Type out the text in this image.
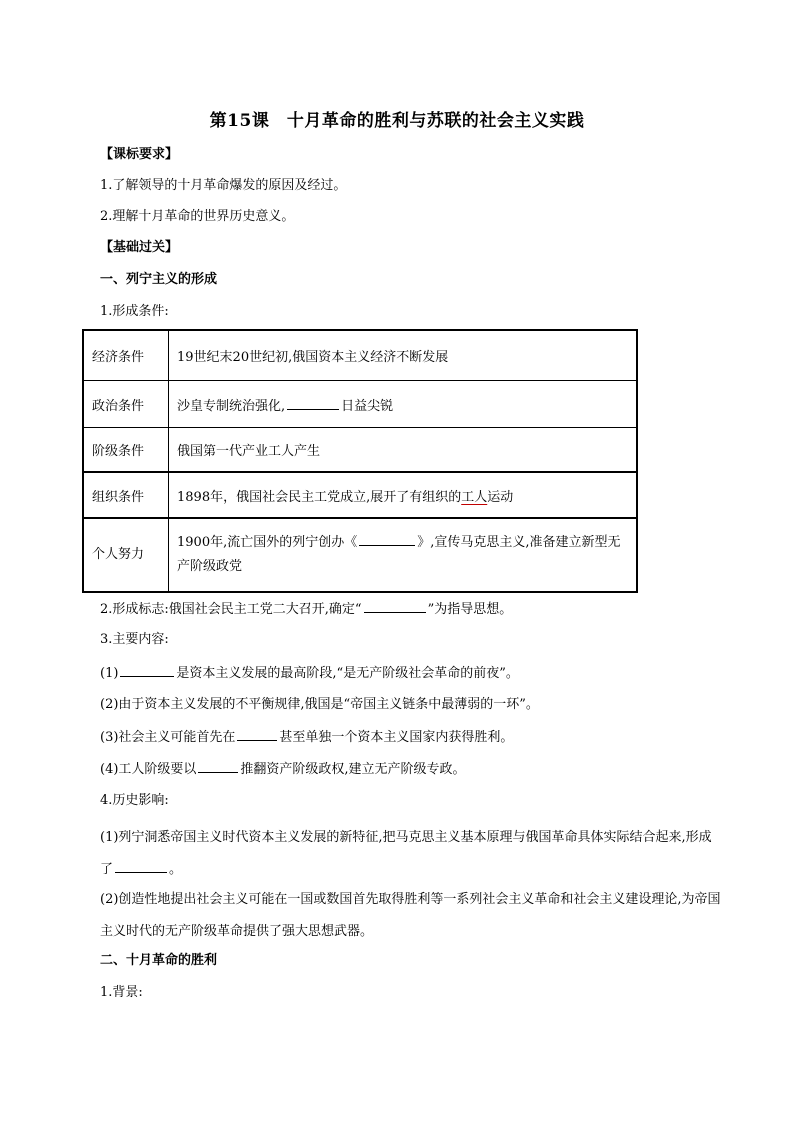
第15课　十月革命的胜利与苏联的社会主义实践
【课标要求】
1.了解领导的十月革命爆发的原因及经过。
2.理解十月革命的世界历史意义。
【基础过关】
一、列宁主义的形成
1.形成条件:
经济条件	19世纪末20世纪初,俄国资本主义经济不断发展
政治条件	沙皇专制统治强化, 日益尖锐
阶级条件	俄国第一代产业工人产生
组织条件	1898年，俄国社会民主工党成立,展开了有组织的工人运动
个人努力	1900年,流亡国外的列宁创办《 》,宣传马克思主义,准备建立新型无产阶级政党
2.形成标志:俄国社会民主工党二大召开,确定“	”为指导思想。
3.主要内容:
(1)	是资本主义发展的最高阶段,“是无产阶级社会革命的前夜”。
(2)由于资本主义发展的不平衡规律,俄国是“帝国主义链条中最薄弱的一环”。
(3)社会主义可能首先在	甚至单独一个资本主义国家内获得胜利。
(4)工人阶级要以	推翻资产阶级政权,建立无产阶级专政。
4.历史影响:
(1)列宁洞悉帝国主义时代资本主义发展的新特征,把马克思主义基本原理与俄国革命具体实际结合起来,形成了	。
(2)创造性地提出社会主义可能在一国或数国首先取得胜利等一系列社会主义革命和社会主义建设理论,为帝国主义时代的无产阶级革命提供了强大思想武器。
二、十月革命的胜利
1.背景:
